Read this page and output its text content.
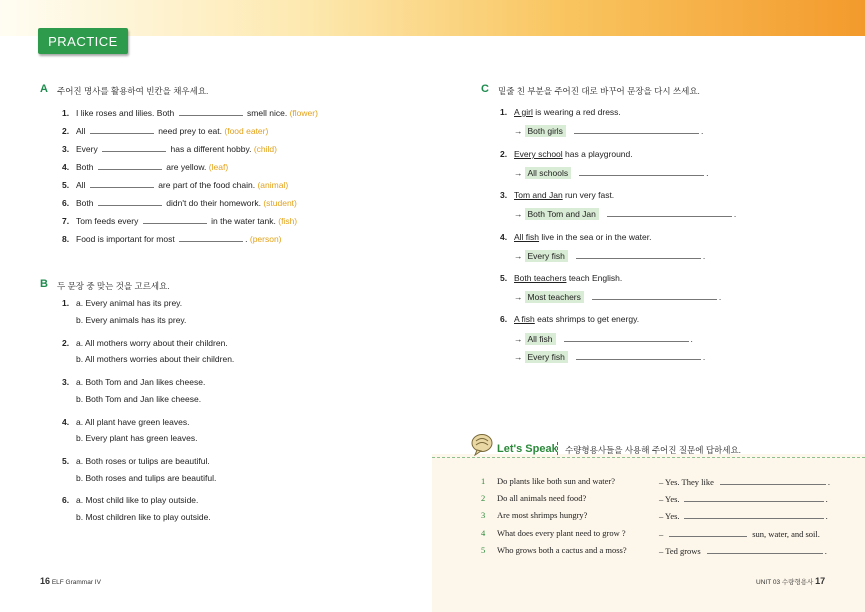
PRACTICE
A 주어진 명사를 활용하여 빈칸을 채우세요.
1. I like roses and lilies. Both	smell nice. (flower)
2. All	need prey to eat. (food eater)
3. Every	has a different hobby. (child)
4. Both	are yellow. (leaf)
5. All	are part of the food chain. (animal)
6. Both	didn't do their homework. (student)
7. Tom feeds every	in the water tank. (fish)
8. Food is important for most	. (person)
B 두 문장 중 맞는 것을 고르세요.
1. a. Every animal has its prey.
b. Every animals has its prey.
2. a. All mothers worry about their children.
b. All mothers worries about their children.
3. a. Both Tom and Jan likes cheese.
b. Both Tom and Jan like cheese.
4. a. All plant have green leaves.
b. Every plant has green leaves.
5. a. Both roses or tulips are beautiful.
b. Both roses and tulips are beautiful.
6. a. Most child like to play outside.
b. Most children like to play outside.
C 밑줄 친 부분을 주어진 대로 바꾸어 문장을 다시 쓰세요.
1. A girl is wearing a red dress.
→ Both girls	.
2. Every school has a playground.
→ All schools	.
3. Tom and Jan run very fast.
→ Both Tom and Jan	.
4. All fish live in the sea or in the water.
→ Every fish	.
5. Both teachers teach English.
→ Most teachers	.
6. A fish eats shrimps to get energy.
→ All fish	.
→ Every fish	.
Let's Speak 수량형용사들을 사용해 주어진 질문에 답하세요.
1 Do plants like both sun and water?	– Yes. They like	.
2 Do all animals need food?	– Yes.	.
3 Are most shrimps hungry?	– Yes.	.
4 What does every plant need to grow ?	–	sun, water, and soil.
5 Who grows both a cactus and a moss?	– Ted grows	.
16 ELF Grammar IV	UNIT 03 수량형용사 17
